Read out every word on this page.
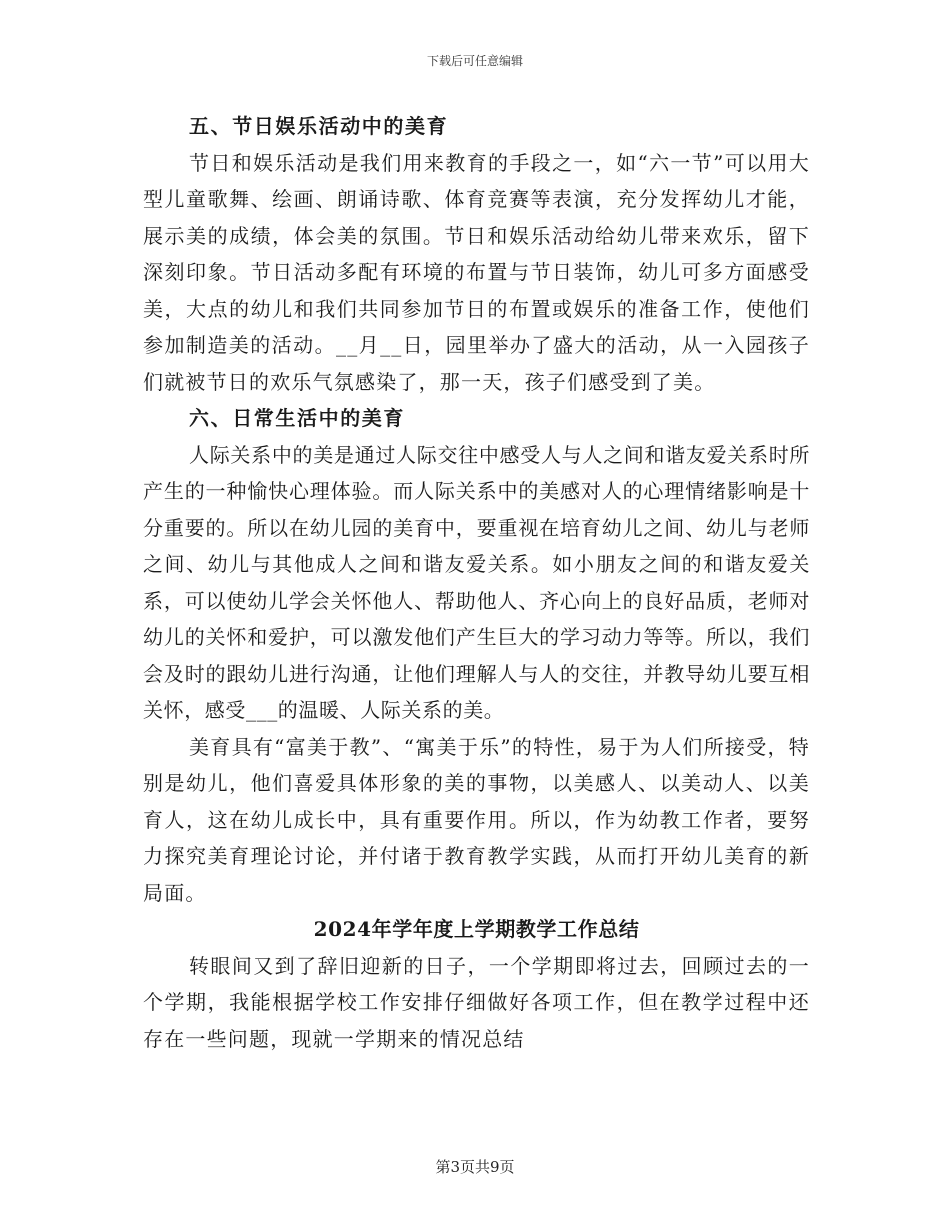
下载后可任意编辑

五、节日娱乐活动中的美育

节日和娱乐活动是我们用来教育的手段之一，如“六一节”可以用大型儿童歌舞、绘画、朗诵诗歌、体育竞赛等表演，充分发挥幼儿才能，展示美的成绩，体会美的氛围。节日和娱乐活动给幼儿带来欢乐，留下深刻印象。节日活动多配有环境的布置与节日装饰，幼儿可多方面感受美，大点的幼儿和我们共同参加节日的布置或娱乐的准备工作，使他们参加制造美的活动。__月__日，园里举办了盛大的活动，从一入园孩子们就被节日的欢乐气氛感染了，那一天，孩子们感受到了美。

六、日常生活中的美育

人际关系中的美是通过人际交往中感受人与人之间和谐友爱关系时所产生的一种愉快心理体验。而人际关系中的美感对人的心理情绪影响是十分重要的。所以在幼儿园的美育中，要重视在培育幼儿之间、幼儿与老师之间、幼儿与其他成人之间和谐友爱关系。如小朋友之间的和谐友爱关系，可以使幼儿学会关怀他人、帮助他人、齐心向上的良好品质，老师对幼儿的关怀和爱护，可以激发他们产生巨大的学习动力等等。所以，我们会及时的跟幼儿进行沟通，让他们理解人与人的交往，并教导幼儿要互相关怀，感受___的温暖、人际关系的美。

美育具有“富美于教”、“寓美于乐”的特性，易于为人们所接受，特别是幼儿，他们喜爱具体形象的美的事物，以美感人、以美动人、以美育人，这在幼儿成长中，具有重要作用。所以，作为幼教工作者，要努力探究美育理论讨论，并付诸于教育教学实践，从而打开幼儿美育的新局面。

2024年学年度上学期教学工作总结

转眼间又到了辞旧迎新的日子，一个学期即将过去，回顾过去的一个学期，我能根据学校工作安排仔细做好各项工作，但在教学过程中还存在一些问题，现就一学期来的情况总结

第3页共9页
